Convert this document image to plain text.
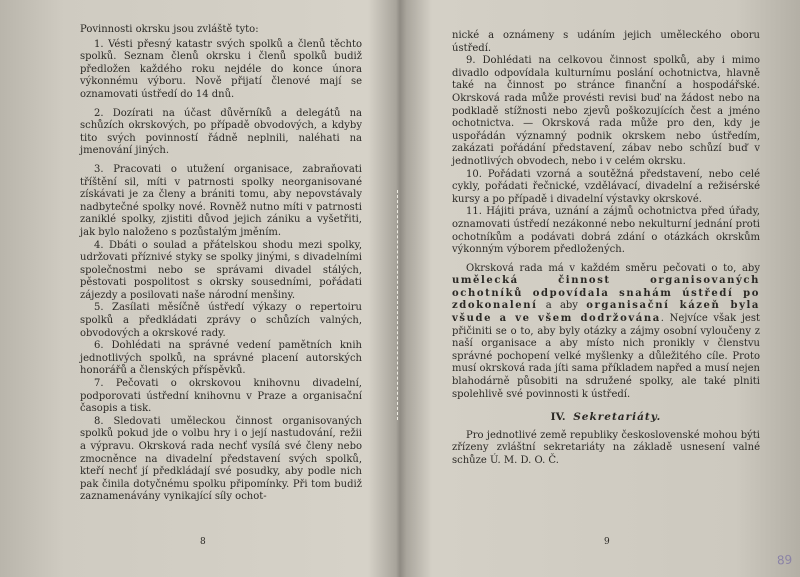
Povinnosti okrsku jsou zvláště tyto:

1. Vésti přesný katastr svých spolků a členů těchto spolků. Seznam členů okrsku i členů spolků budiž předložen každého roku nejdéle do konce února výkonnému výboru. Nově přijatí členové mají se oznamovati ústředí do 14 dnů.

2. Dozírati na účast důvěrníků a delegátů na schůzích okrskových, po případě obvodových, a kdyby tito svých povinností řádně neplnili, naléhati na jmenování jiných.

3. Pracovati o utužení organisace, zabraňovati tříštění sil, míti v patrnosti spolky neorganisované získávati je za členy a brániti tomu, aby nepovstávaly nadbytečné spolky nové. Rovněž nutno míti v patrnosti zaniklé spolky, zjistiti důvod jejich zániku a vyšetřiti, jak bylo naloženo s pozůstalým jměním.

4. Dbáti o soulad a přátelskou shodu mezi spolky, udržovati příznivé styky se spolky jinými, s divadelními společnostmi nebo se správami divadel stálých, pěstovati pospolitost s okrsky sousedními, pořádati zájezdy a posilovati naše národní menšiny.

5. Zasílati měsíčně ústředí výkazy o repertoiru spolků a předkládati zprávy o schůzích valných, obvodových a okrskové rady.

6. Dohlédati na správné vedení pamětních knih jednotlivých spolků, na správné placení autorských honorářů a členských příspěvků.

7. Pečovati o okrskovou knihovnu divadelní, podporovati ústřední knihovnu v Praze a organisační časopis a tisk.

8. Sledovati uměleckou činnost organisovaných spolků pokud jde o volbu hry i o její nastudování, režii a výpravu. Okrsková rada nechť vysílá své členy nebo zmocněnce na divadelní představení svých spolků, kteří nechť jí předkládají své posudky, aby podle nich pak činila dotyčnému spolku připomínky. Při tom budiž zaznamenávány vynikající síly ochot-

8

nické a oznámeny s udáním jejich uměleckého oboru ústředí.

9. Dohlédati na celkovou činnost spolků, aby i mimo divadlo odpovídala kulturnímu poslání ochotnictva, hlavně také na činnost po stránce finanční a hospodářské. Okrsková rada může provésti revisi buď na žádost nebo na podkladě stížnosti nebo zjevů poškozujících čest a jméno ochotnictva. — Okrsková rada může pro den, kdy je uspořádán významný podnik okrskem nebo ústředím, zakázati pořádání představení, zábav nebo schůzí buď v jednotlivých obvodech, nebo i v celém okrsku.

10. Pořádati vzorná a soutěžná představení, nebo celé cykly, pořádati řečnické, vzdělávací, divadelní a režisérské kursy a po případě i divadelní výstavky okrskové.

11. Hájiti práva, uznání a zájmů ochotnictva před úřady, oznamovati ústředí nezákonné nebo nekulturní jednání proti ochotníkům a podávati dobrá zdání o otázkách okrskům výkonným výborem předložených.

Okrsková rada má v každém směru pečovati o to, aby umělecká činnost organisovaných ochotníků odpovídala snahám ústředí po zdokonalení a aby organisační kázeň byla všude a ve všem dodržována. Nejvíce však jest přičiniti se o to, aby byly otázky a zájmy osobní vyloučeny z naší organisace a aby místo nich pronikly v členstvu správné pochopení velké myšlenky a důležitého cíle. Proto musí okrsková rada jíti sama příkladem napřed a musí nejen blahodárně působiti na sdružené spolky, ale také plniti spolehlivě své povinnosti k ústředí.

IV. Sekretariáty.

Pro jednotlivé země republiky československé mohou býti zřízeny zvláštní sekretariáty na základě usnesení valné schůze Ú. M. D. O. Č.

9
89
